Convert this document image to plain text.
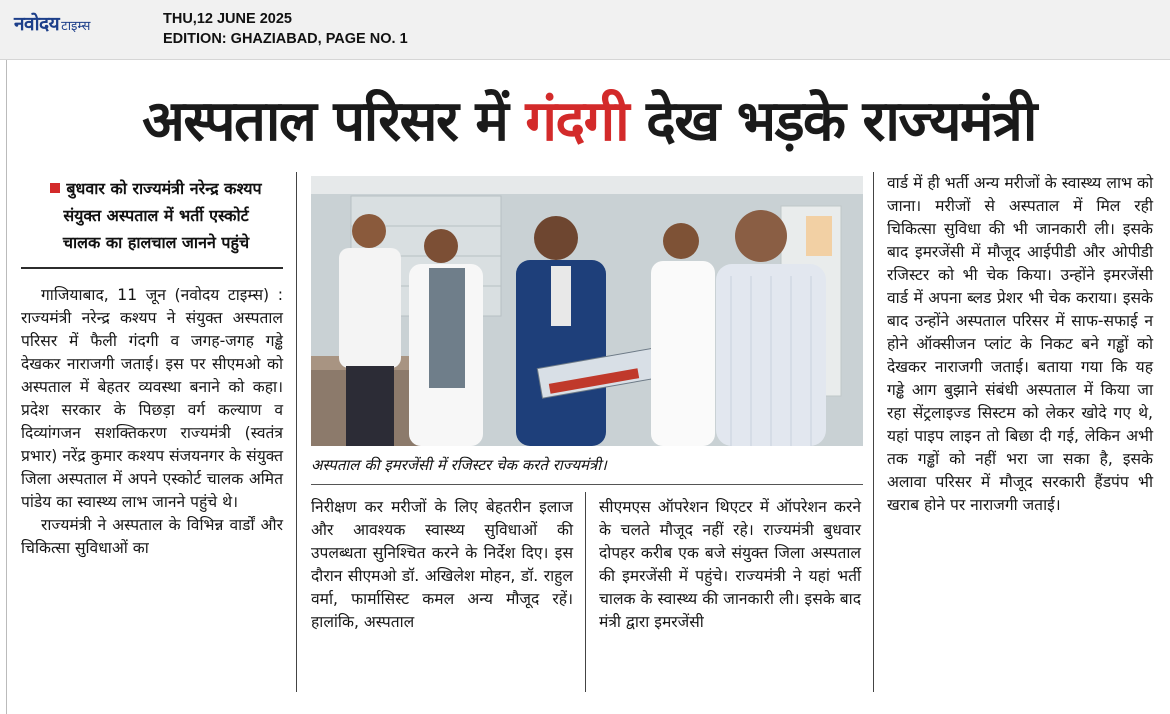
नवोदय टाइम्स	THU,12 JUNE 2025
EDITION: GHAZIABAD, PAGE NO. 1
अस्पताल परिसर में गंदगी देख भड़के राज्यमंत्री
बुधवार को राज्यमंत्री नरेन्द्र कश्यप
संयुक्त अस्पताल में भर्ती एस्कोर्ट
चालक का हालचाल जानने पहुंचे

गाजियाबाद, 11 जून (नवोदय टाइम्स) : राज्यमंत्री नरेन्द्र कश्यप ने संयुक्त अस्पताल परिसर में फैली गंदगी व जगह-जगह गड्ढे देखकर नाराजगी जताई। इस पर सीएमओ को अस्पताल में बेहतर व्यवस्था बनाने को कहा। प्रदेश सरकार के पिछड़ा वर्ग कल्याण व दिव्यांगजन सशक्तिकरण राज्यमंत्री (स्वतंत्र प्रभार) नरेंद्र कुमार कश्यप संजयनगर के संयुक्त जिला अस्पताल में अपने एस्कोर्ट चालक अमित पांडेय का स्वास्थ्य लाभ जानने पहुंचे थे।

राज्यमंत्री ने अस्पताल के विभिन्न वार्डों और चिकित्सा सुविधाओं का

अस्पताल की इमरजेंसी में रजिस्टर चेक करते राज्यमंत्री।

निरीक्षण कर मरीजों के लिए बेहतरीन इलाज और आवश्यक स्वास्थ्य सुविधाओं की उपलब्धता सुनिश्चित करने के निर्देश दिए। इस दौरान सीएमओ डॉ. अखिलेश मोहन, डॉ. राहुल वर्मा, फार्मासिस्ट कमल अन्य मौजूद रहें। हालांकि, अस्पताल

सीएमएस ऑपरेशन थिएटर में ऑपरेशन करने के चलते मौजूद नहीं रहे। राज्यमंत्री बुधवार दोपहर करीब एक बजे संयुक्त जिला अस्पताल की इमरजेंसी में पहुंचे। राज्यमंत्री ने यहां भर्ती चालक के स्वास्थ्य की जानकारी ली। इसके बाद मंत्री द्वारा इमरजेंसी

वार्ड में ही भर्ती अन्य मरीजों के स्वास्थ्य लाभ को जाना। मरीजों से अस्पताल में मिल रही चिकित्सा सुविधा की भी जानकारी ली। इसके बाद इमरजेंसी में मौजूद आईपीडी और ओपीडी रजिस्टर को भी चेक किया। उन्होंने इमरजेंसी वार्ड में अपना ब्लड प्रेशर भी चेक कराया। इसके बाद उन्होंने अस्पताल परिसर में साफ-सफाई न होने ऑक्सीजन प्लांट के निकट बने गड्ढों को देखकर नाराजगी जताई। बताया गया कि यह गड्ढे आग बुझाने संबंधी अस्पताल में किया जा रहा सेंट्रलाइज्ड सिस्टम को लेकर खोदे गए थे, यहां पाइप लाइन तो बिछा दी गई, लेकिन अभी तक गड्ढों को नहीं भरा जा सका है, इसके अलावा परिसर में मौजूद सरकारी हैंडपंप भी खराब होने पर नाराजगी जताई।
